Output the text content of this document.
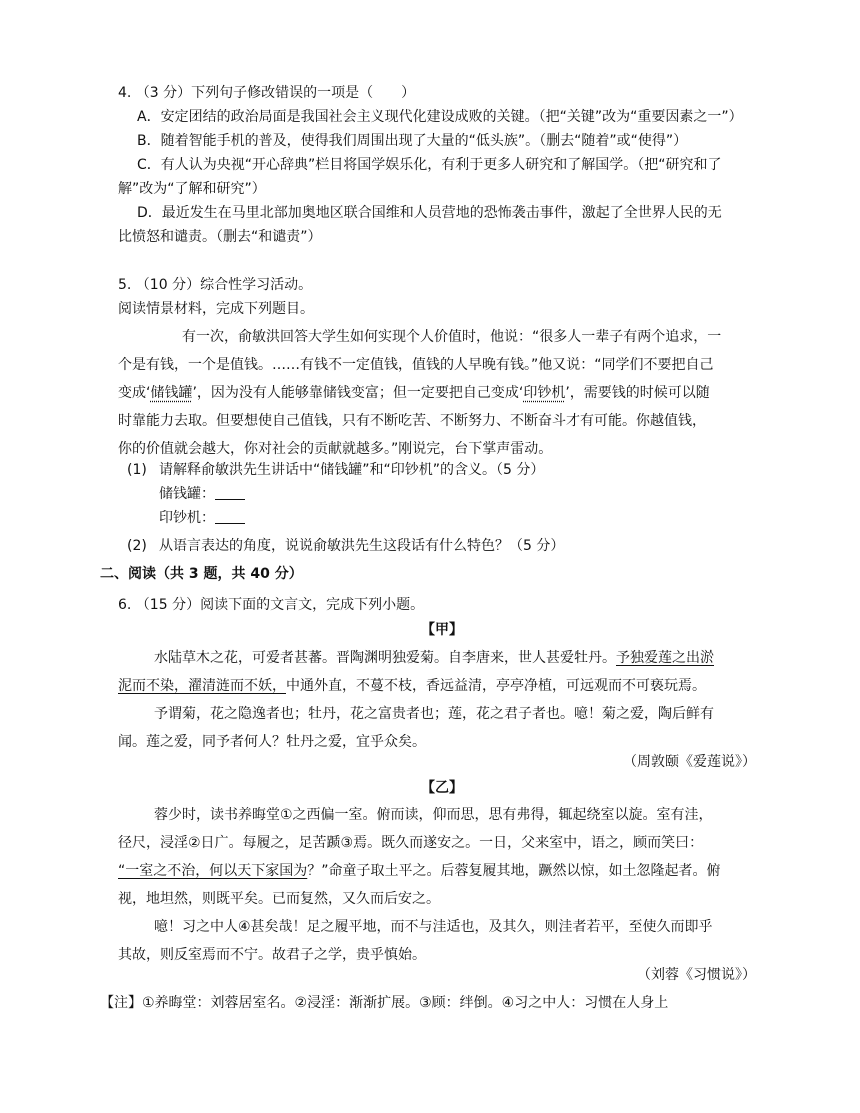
4. （3 分）下列句子修改错误的一项是（　　）
A．安定团结的政治局面是我国社会主义现代化建设成败的关键。（把“关键”改为“重要因素之一”）
B．随着智能手机的普及，使得我们周围出现了大量的“低头族”。（删去“随着”或“使得”）
C．有人认为央视“开心辞典”栏目将国学娱乐化，有利于更多人研究和了解国学。（把“研究和了
解”改为“了解和研究”）
D．最近发生在马里北部加奥地区联合国维和人员营地的恐怖袭击事件，激起了全世界人民的无
比愤怒和谴责。（删去“和谴责”）
5. （10 分）综合性学习活动。
阅读情景材料，完成下列题目。
有一次，俞敏洪回答大学生如何实现个人价值时，他说：“很多人一辈子有两个追求，一
个是有钱，一个是值钱。……有钱不一定值钱，值钱的人早晚有钱。”他又说：“同学们不要把自己
变成‘储钱罐’，因为没有人能够靠储钱变富；但一定要把自己变成‘印钞机’，需要钱的时候可以随
时靠能力去取。但要想使自己值钱，只有不断吃苦、不断努力、不断奋斗才有可能。你越值钱，
你的价值就会越大，你对社会的贡献就越多。”刚说完，台下掌声雷动。
(1) 请解释俞敏洪先生讲话中“储钱罐”和“印钞机”的含义。（5 分）
储钱罐：
印钞机：
(2) 从语言表达的角度，说说俞敏洪先生这段话有什么特色？（5 分）
二、阅读（共 3 题，共 40 分）
6. （15 分）阅读下面的文言文，完成下列小题。
【甲】
水陆草木之花，可爱者甚蕃。晋陶渊明独爱菊。自李唐来，世人甚爱牡丹。予独爱莲之出淤
泥而不染，濯清涟而不妖，中通外直，不蔓不枝，香远益清，亭亭净植，可远观而不可亵玩焉。
予谓菊，花之隐逸者也；牡丹，花之富贵者也；莲，花之君子者也。噫！菊之爱，陶后鲜有
闻。莲之爱，同予者何人？牡丹之爱，宜乎众矣。
（周敦颐《爱莲说》）
【乙】
蓉少时，读书养晦堂①之西偏一室。俯而读，仰而思，思有弗得，辄起绕室以旋。室有洼，
径尺，浸淫②日广。每履之，足苦踬③焉。既久而遂安之。一日，父来室中，语之，顾而笑曰：
“一室之不治，何以天下家国为？”命童子取土平之。后蓉复履其地，蹶然以惊，如土忽隆起者。俯
视，地坦然，则既平矣。已而复然，又久而后安之。
噫！习之中人④甚矣哉！足之履平地，而不与洼适也，及其久，则洼者若平，至使久而即乎
其故，则反室焉而不宁。故君子之学，贵乎慎始。
（刘蓉《习惯说》）
【注】①养晦堂：刘蓉居室名。②浸淫：渐渐扩展。③顾：绊倒。④习之中人：习惯在人身上
